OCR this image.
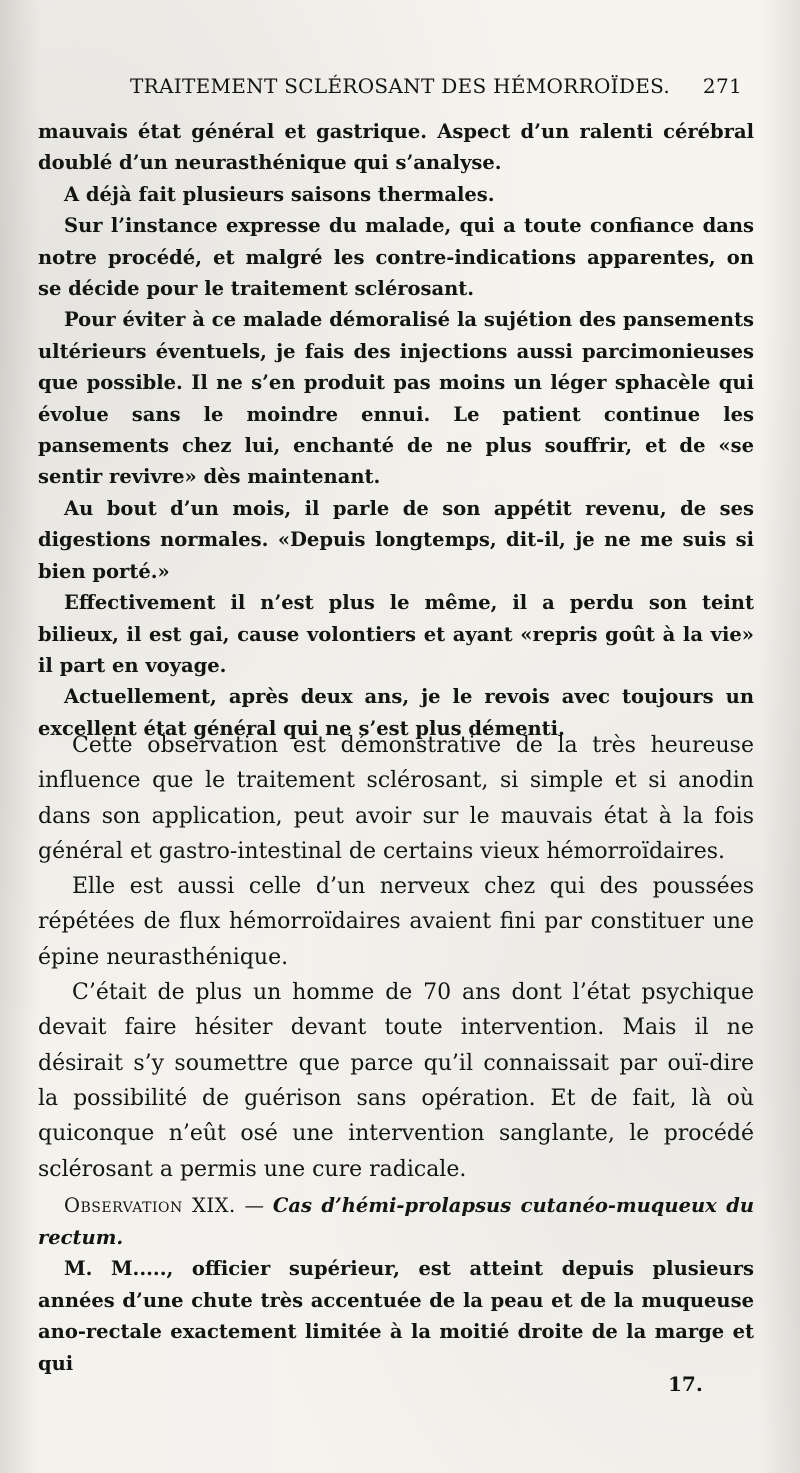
TRAITEMENT SCLÉROSANT DES HÉMORROÏDES. 271

mauvais état général et gastrique. Aspect d’un ralenti cérébral doublé d’un neurasthénique qui s’analyse.

A déjà fait plusieurs saisons thermales.

Sur l’instance expresse du malade, qui a toute confiance dans notre procédé, et malgré les contre-indications apparentes, on se décide pour le traitement sclérosant.

Pour éviter à ce malade démoralisé la sujétion des pansements ultérieurs éventuels, je fais des injections aussi parcimonieuses que possible. Il ne s’en produit pas moins un léger sphacèle qui évolue sans le moindre ennui. Le patient continue les pansements chez lui, enchanté de ne plus souffrir, et de «se sentir revivre» dès maintenant.

Au bout d’un mois, il parle de son appétit revenu, de ses digestions normales. «Depuis longtemps, dit-il, je ne me suis si bien porté.»

Effectivement il n’est plus le même, il a perdu son teint bilieux, il est gai, cause volontiers et ayant «repris goût à la vie» il part en voyage.

Actuellement, après deux ans, je le revois avec toujours un excellent état général qui ne s’est plus démenti.

Cette observation est démonstrative de la très heureuse influence que le traitement sclérosant, si simple et si anodin dans son application, peut avoir sur le mauvais état à la fois général et gastro-intestinal de certains vieux hémorroïdaires.

Elle est aussi celle d’un nerveux chez qui des poussées répétées de flux hémorroïdaires avaient fini par constituer une épine neurasthénique.

C’était de plus un homme de 70 ans dont l’état psychique devait faire hésiter devant toute intervention. Mais il ne désirait s’y soumettre que parce qu’il connaissait par ouï-dire la possibilité de guérison sans opération. Et de fait, là où quiconque n’eût osé une intervention sanglante, le procédé sclérosant a permis une cure radicale.

Observation XIX. — Cas d’hémi-prolapsus cutanéo-muqueux du rectum.

M. M....., officier supérieur, est atteint depuis plusieurs années d’une chute très accentuée de la peau et de la muqueuse ano-rectale exactement limitée à la moitié droite de la marge et qui

17.
